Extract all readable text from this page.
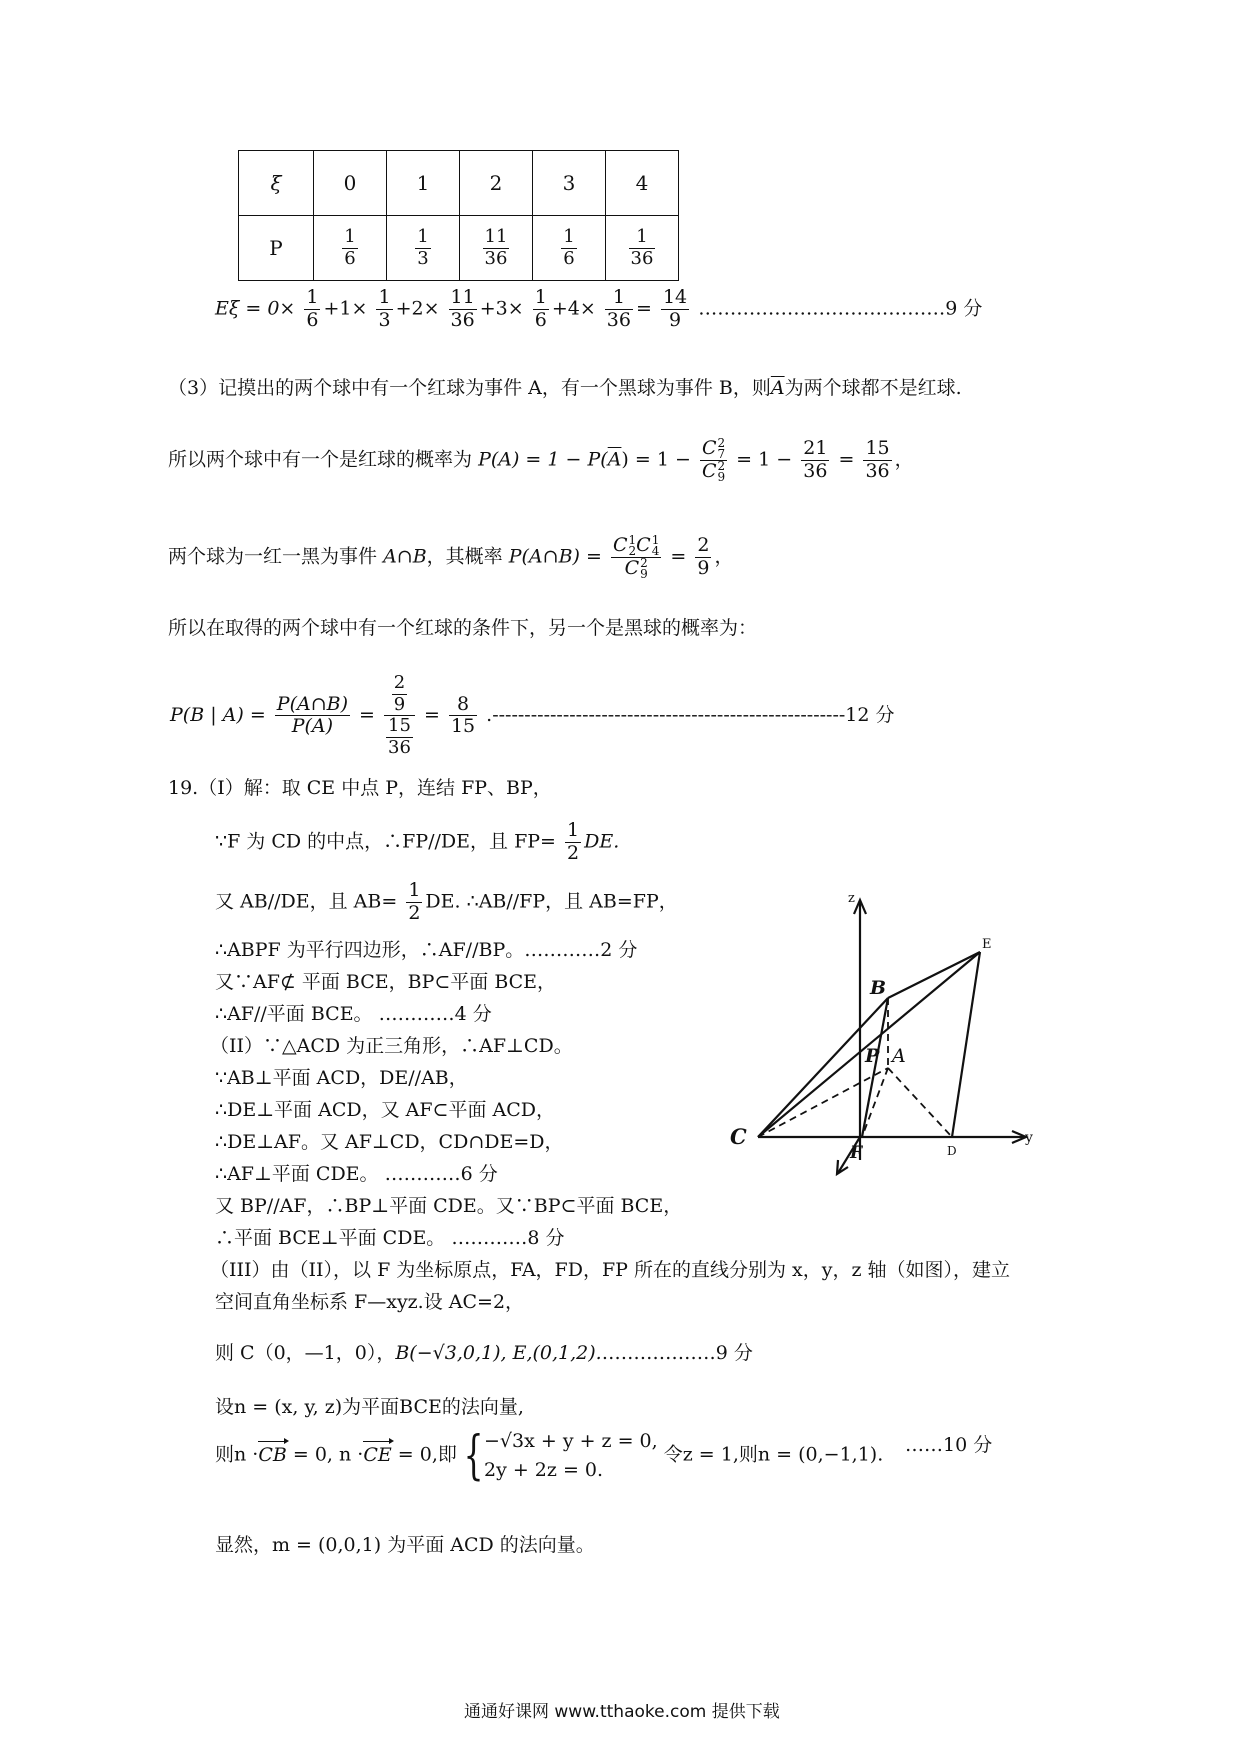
ξ	0	1	2	3	4
P	$\frac{1}{6}$	$\frac{1}{3}$	$\frac{11}{36}$	$\frac{1}{6}$	$\frac{1}{36}$
$E\xi = 0\times \frac{1}{6} +1\times \frac{1}{3} +2\times \frac{11}{36} +3\times \frac{1}{6} +4\times \frac{1}{36} = \frac{14}{9}$ …………………………………9 分
（3）记摸出的两个球中有一个红球为事件 A，有一个黑球为事件 B，则$\overline{A}$为两个球都不是红球.
所以两个球中有一个是红球的概率为 $P(A) = 1 - P(\overline{A}) = 1 - C$ 2
7
C 2
$9 = 1 - \frac{21}{36} = \frac{15}{36}$ ，
两个球为一红一黑为事件 A∩B，其概率 P(A∩B) = C 1
2 C 1
4
C 2
$9 = \frac{2}{9}$ ，
所以在取得的两个球中有一个红球的条件下，另一个是黑球的概率为：
P(B | $A) = \frac{P(A\cap B)}{P(A)} = \frac{\frac{2}{9}}{\frac{15}{36}} = \frac{8}{15} .-------------------------------------------------------12$ 分
19.（I）解：取 CE 中点 P，连结 FP、BP，
∵F 为 CD 的中点，∴FP//DE，且 $FP= \frac{1}{2}$ DE.
又 AB//DE，且 $AB= \frac{1}{2}$ DE. ∴AB//FP，且 AB=FP，
∴ABPF 为平行四边形，∴AF//BP。…………2 分
又∵AF⊄ 平面 BCE，BP⊂平面 BCE，
∴AF//平面 BCE。 …………4 分
（II）∵△ACD 为正三角形，∴AF⊥CD。
∵AB⊥平面 ACD，DE//AB，
∴DE⊥平面 ACD，又 AF⊂平面 ACD，
∴DE⊥AF。又 AF⊥CD，CD∩DE=D，
∴AF⊥平面 CDE。 …………6 分
又 BP//AF，∴BP⊥平面 CDE。又∵BP⊂平面 BCE，
∴平面 BCE⊥平面 CDE。 …………8 分
（III）由（II），以 F 为坐标原点，FA，FD，FP 所在的直线分别为 x，y，z 轴（如图），建立
空间直角坐标系 F—xyz.设 AC=2，
则 C（0，—1，0），B(−√3,0,1), E,(0,1,2).………………9 分
设n = (x, y, z)为平面BCE的法向量,
则n ·CB = 0, n ·CE = 0,即 { −√3x + y + z = 0,
2y + 2z = 0.
令z = 1,则n = (0,−1,1). ……10 分
显然，m = (0,0,1) 为平面 ACD 的法向量。
z
E
B
P A
C
F	D
y
通通好课网 www.tthaoke.com 提供下载
